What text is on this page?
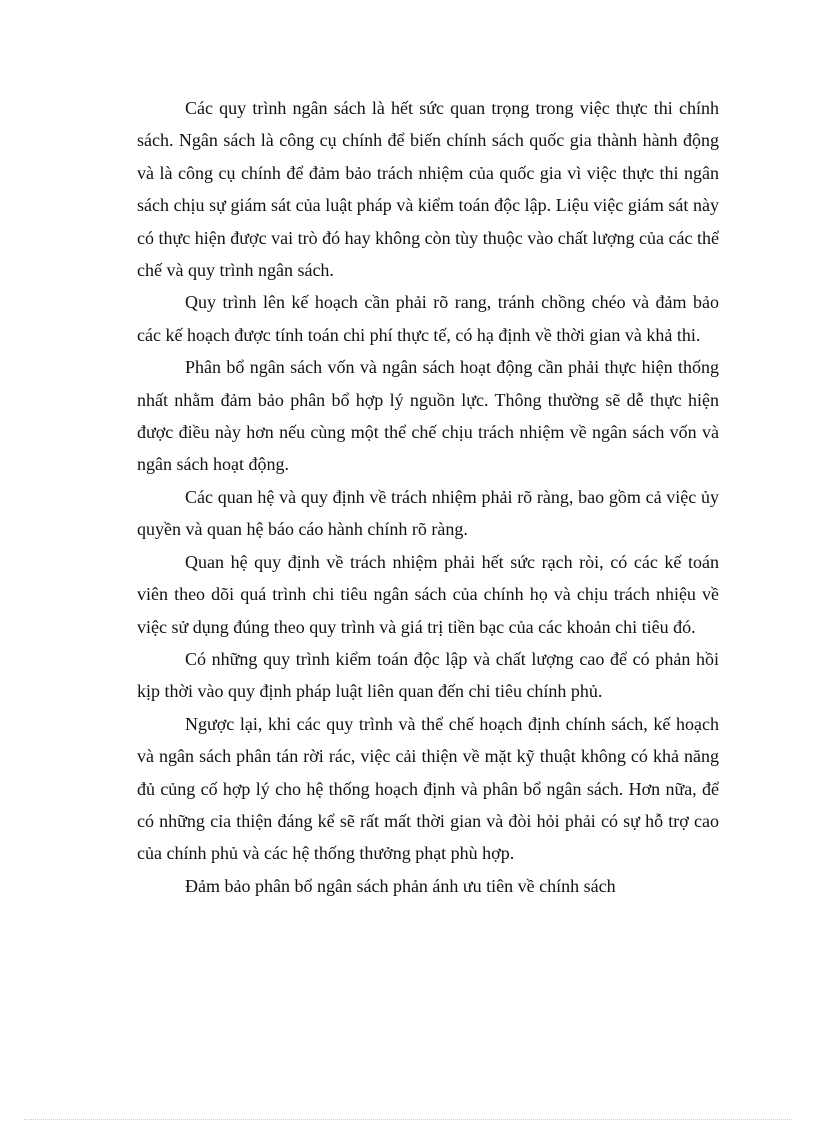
Các quy trình ngân sách là hết sức quan trọng trong việc thực thi chính sách. Ngân sách là công cụ chính để biến chính sách quốc gia thành hành động và là công cụ chính để đảm bảo trách nhiệm của quốc gia vì việc thực thi ngân sách chịu sự giám sát của luật pháp và kiểm toán độc lập. Liệu việc giám sát này có thực hiện được vai trò đó hay không còn tùy thuộc vào chất lượng của các thể chế và quy trình ngân sách.

Quy trình lên kế hoạch cần phải rõ rang, tránh chồng chéo và đảm bảo các kế hoạch được tính toán chi phí thực tế, có hạ định về thời gian và khả thi.

Phân bổ ngân sách vốn và ngân sách hoạt động cần phải thực hiện thống nhất nhằm đảm bảo phân bổ hợp lý nguồn lực. Thông thường sẽ dễ thực hiện được điều này hơn nếu cùng một thể chế chịu trách nhiệm về ngân sách vốn và ngân sách hoạt động.

Các quan hệ và quy định về trách nhiệm phải rõ ràng, bao gồm cả việc ủy quyền và quan hệ báo cáo hành chính rõ ràng.

Quan hệ quy định về trách nhiệm phải hết sức rạch ròi, có các kế toán viên theo dõi quá trình chi tiêu ngân sách của chính họ và chịu trách nhiệu về việc sử dụng đúng theo quy trình và giá trị tiền bạc của các khoản chi tiêu đó.

Có những quy trình kiểm toán độc lập và chất lượng cao để có phản hồi kịp thời vào quy định pháp luật liên quan đến chi tiêu chính phủ.

Ngược lại, khi các quy trình và thể chế hoạch định chính sách, kế hoạch và ngân sách phân tán rời rác, việc cải thiện về mặt kỹ thuật không có khả năng đủ củng cố hợp lý cho hệ thống hoạch định và phân bổ ngân sách. Hơn nữa, để có những cỉa thiện đáng kể sẽ rất mất thời gian và đòi hỏi phải có sự hỗ trợ cao của chính phủ và các hệ thống thưởng phạt phù hợp.

Đảm bảo phân bổ ngân sách phản ánh ưu tiên về chính sách
